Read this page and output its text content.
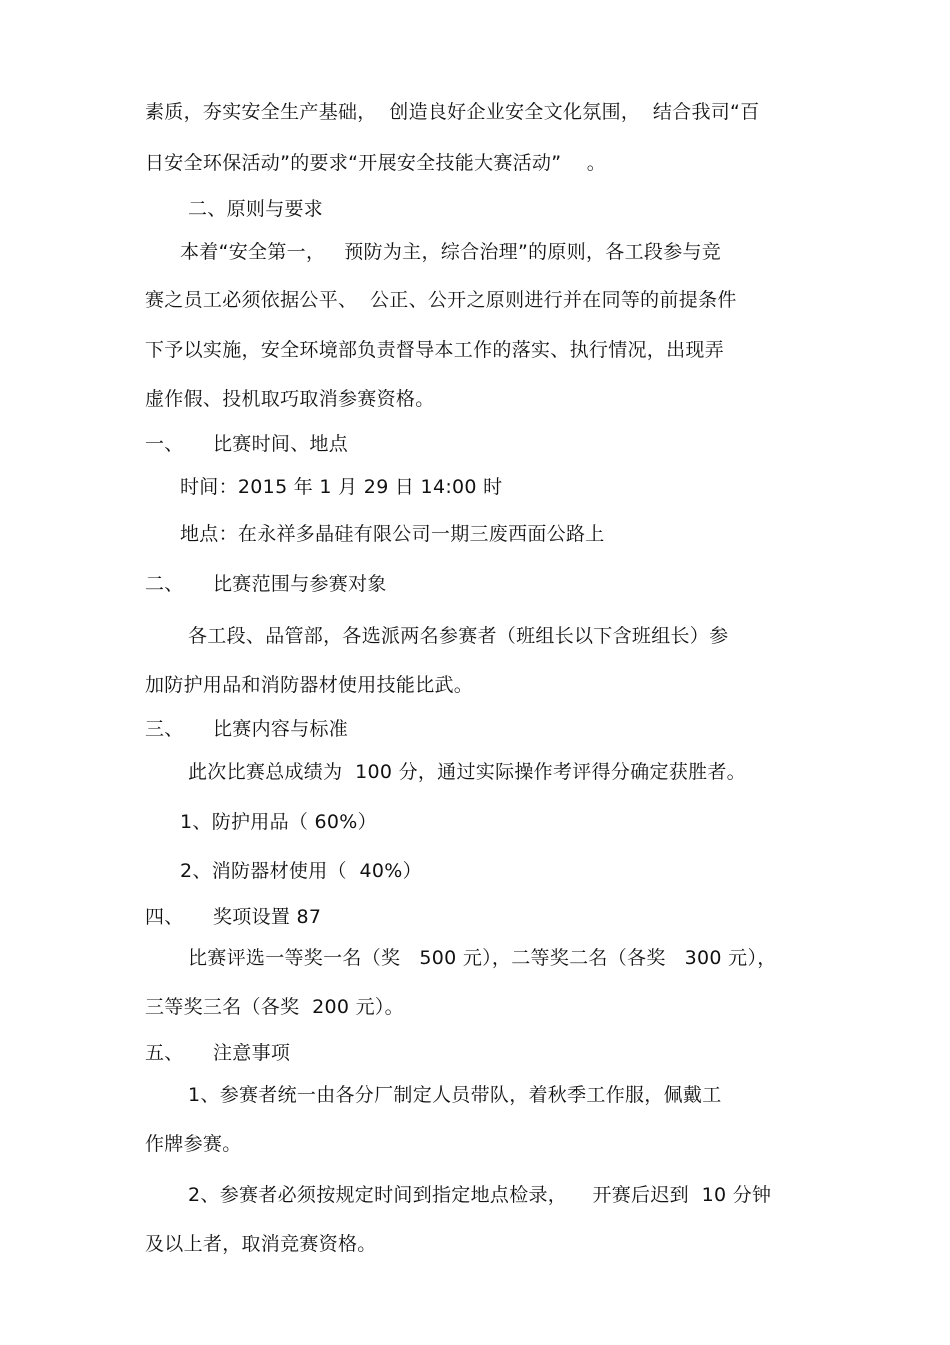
素质，夯实安全生产基础，  创造良好企业安全文化氛围，  结合我司“百
日安全环保活动”的要求“开展安全技能大赛活动”    。
二、原则与要求
本着“安全第一，   预防为主，综合治理”的原则，各工段参与竞
赛之员工必须依据公平、  公正、公开之原则进行并在同等的前提条件
下予以实施，安全环境部负责督导本工作的落实、执行情况，出现弄
虚作假、投机取巧取消参赛资格。
一、 比赛时间、地点
时间：2015 年 1 月 29 日 14:00 时
地点：在永祥多晶硅有限公司一期三废西面公路上
二、 比赛范围与参赛对象
各工段、品管部，各选派两名参赛者（班组长以下含班组长）参
加防护用品和消防器材使用技能比武。
三、 比赛内容与标准
此次比赛总成绩为  100 分，通过实际操作考评得分确定获胜者。
1、防护用品（ 60%）
2、消防器材使用（  40%）
四、 奖项设置 87
比赛评选一等奖一名（奖   500 元），二等奖二名（各奖   300 元），
三等奖三名（各奖  200 元）。
五、 注意事项
1、参赛者统一由各分厂制定人员带队，着秋季工作服，佩戴工
作牌参赛。
2、参赛者必须按规定时间到指定地点检录，    开赛后迟到  10 分钟
及以上者，取消竞赛资格。
